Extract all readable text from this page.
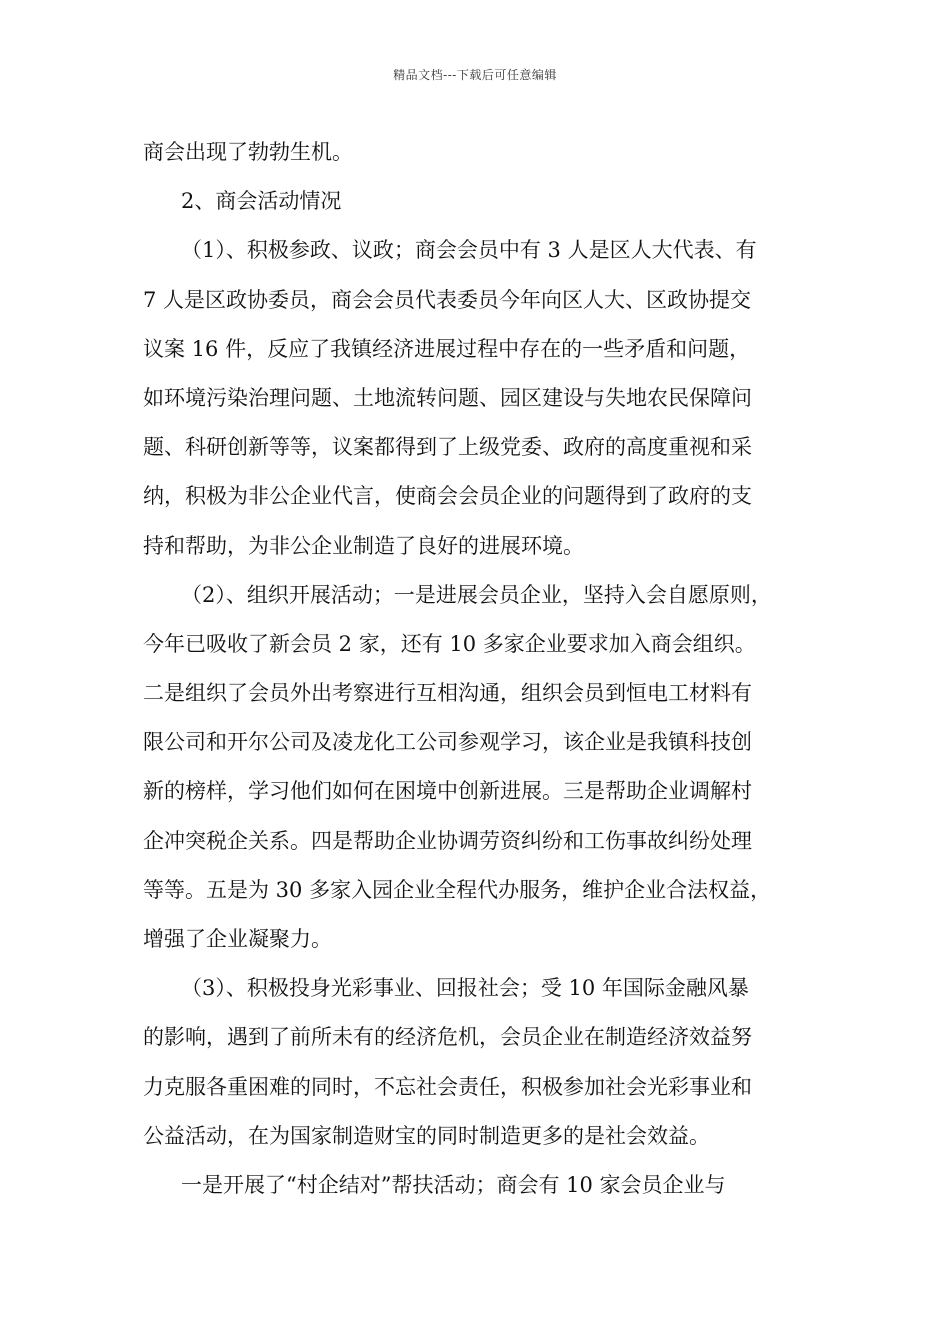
精品文档---下载后可任意编辑
商会出现了勃勃生机。
2、商会活动情况
（1）、积极参政、议政；商会会员中有 3 人是区人大代表、有
7 人是区政协委员，商会会员代表委员今年向区人大、区政协提交
议案 16 件，反应了我镇经济进展过程中存在的一些矛盾和问题，
如环境污染治理问题、土地流转问题、园区建设与失地农民保障问
题、科研创新等等，议案都得到了上级党委、政府的高度重视和采
纳，积极为非公企业代言，使商会会员企业的问题得到了政府的支
持和帮助，为非公企业制造了良好的进展环境。
（2）、组织开展活动；一是进展会员企业，坚持入会自愿原则，
今年已吸收了新会员 2 家，还有 10 多家企业要求加入商会组织。
二是组织了会员外出考察进行互相沟通，组织会员到恒电工材料有
限公司和开尔公司及凌龙化工公司参观学习，该企业是我镇科技创
新的榜样，学习他们如何在困境中创新进展。三是帮助企业调解村
企冲突税企关系。四是帮助企业协调劳资纠纷和工伤事故纠纷处理
等等。五是为 30 多家入园企业全程代办服务，维护企业合法权益，
增强了企业凝聚力。
（3）、积极投身光彩事业、回报社会；受 10 年国际金融风暴
的影响，遇到了前所未有的经济危机，会员企业在制造经济效益努
力克服各重困难的同时，不忘社会责任，积极参加社会光彩事业和
公益活动，在为国家制造财宝的同时制造更多的是社会效益。
一是开展了“村企结对”帮扶活动；商会有 10 家会员企业与
